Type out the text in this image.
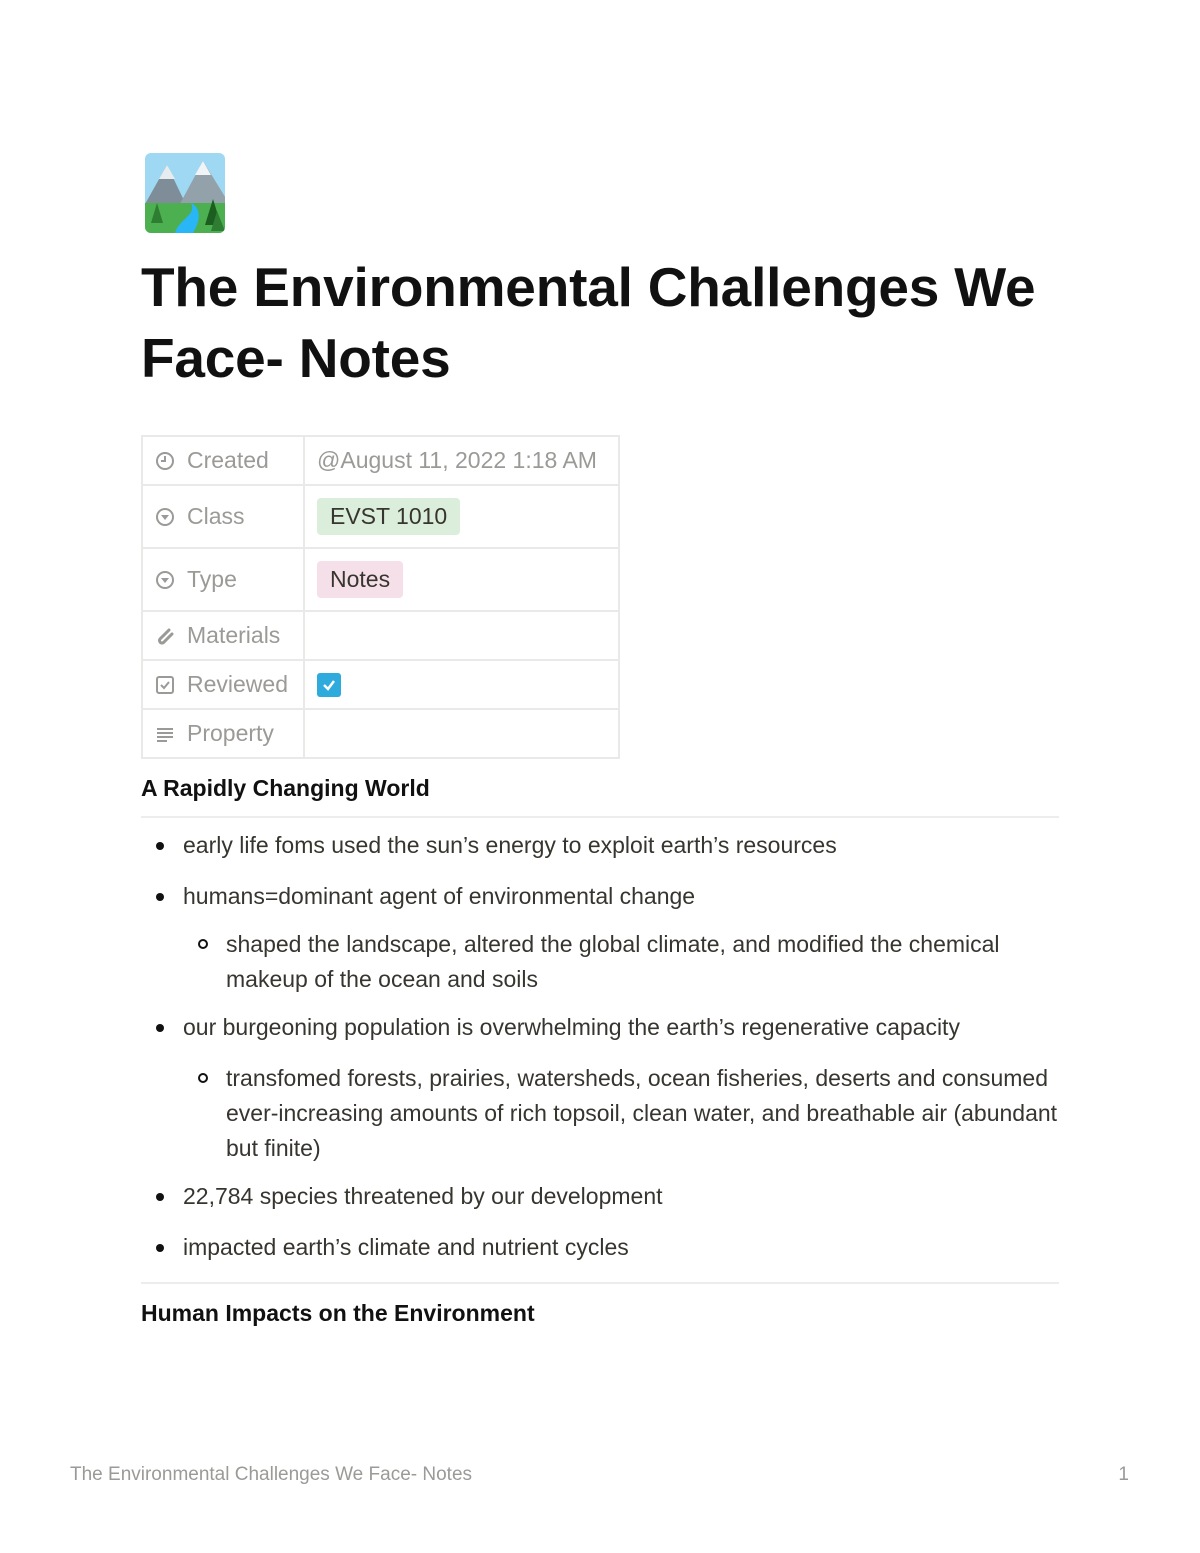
The Environmental Challenges We Face- Notes
Created	@August 11, 2022 1:18 AM

Class	EVST 1010

Type	Notes

Materials	

Reviewed

Property	

A Rapidly Changing World
early life foms used the sun’s energy to exploit earth’s resources
humans=dominant agent of environmental change
shaped the landscape, altered the global climate, and modified the chemical makeup of the ocean and soils
our burgeoning population is overwhelming the earth’s regenerative capacity
transfomed forests, prairies, watersheds, ocean fisheries, deserts and consumed ever-increasing amounts of rich topsoil, clean water, and breathable air (abundant but finite)
22,784 species threatened by our development
impacted earth’s climate and nutrient cycles
Human Impacts on the Environment
The Environmental Challenges We Face- Notes	1
